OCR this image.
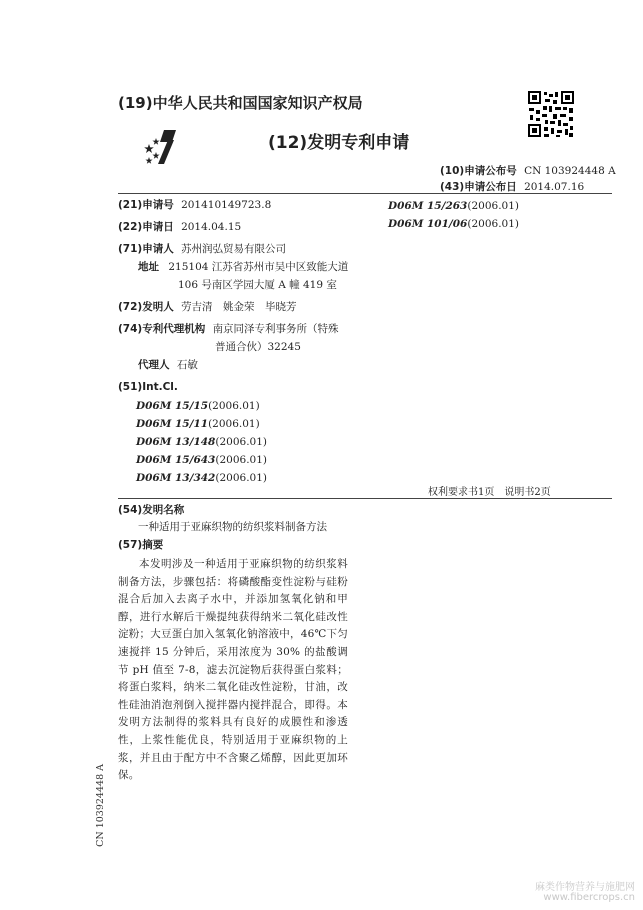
(19)中华人民共和国国家知识产权局
(12)发明专利申请
(10)申请公布号 CN 103924448 A
(43)申请公布日 2014.07.16
(21)申请号 201410149723.8
(22)申请日 2014.04.15
(71)申请人 苏州润弘贸易有限公司
地址 215104 江苏省苏州市吴中区致能大道
106 号南区学园大厦 A 幢 419 室
(72)发明人 劳吉清　姚金荣　毕晓芳
(74)专利代理机构 南京同泽专利事务所（特殊
普通合伙）32245
代理人 石敏
(51)Int.Cl.
D06M 15/15(2006.01)
D06M 15/11(2006.01)
D06M 13/148(2006.01)
D06M 15/643(2006.01)
D06M 13/342(2006.01)
D06M 15/263(2006.01)
D06M 101/06(2006.01)
权利要求书1页　说明书2页
(54)发明名称
一种适用于亚麻织物的纺织浆料制备方法
(57)摘要
本发明涉及一种适用于亚麻织物的纺织浆料制备方法，步骤包括：将磷酸酯变性淀粉与硅粉混合后加入去离子水中，并添加氢氧化钠和甲醇，进行水解后干燥提纯获得纳米二氧化硅改性淀粉；大豆蛋白加入氢氧化钠溶液中，46℃下匀速搅拌 15 分钟后，采用浓度为 30% 的盐酸调节 pH 值至 7-8，滤去沉淀物后获得蛋白浆料；将蛋白浆料，纳米二氧化硅改性淀粉，甘油，改性硅油消泡剂倒入搅拌器内搅拌混合，即得。本发明方法制得的浆料具有良好的成膜性和渗透性，上浆性能优良，特别适用于亚麻织物的上浆，并且由于配方中不含聚乙烯醇，因此更加环保。
CN 103924448 A
麻类作物营养与施肥网
www.fibercrops.cn
